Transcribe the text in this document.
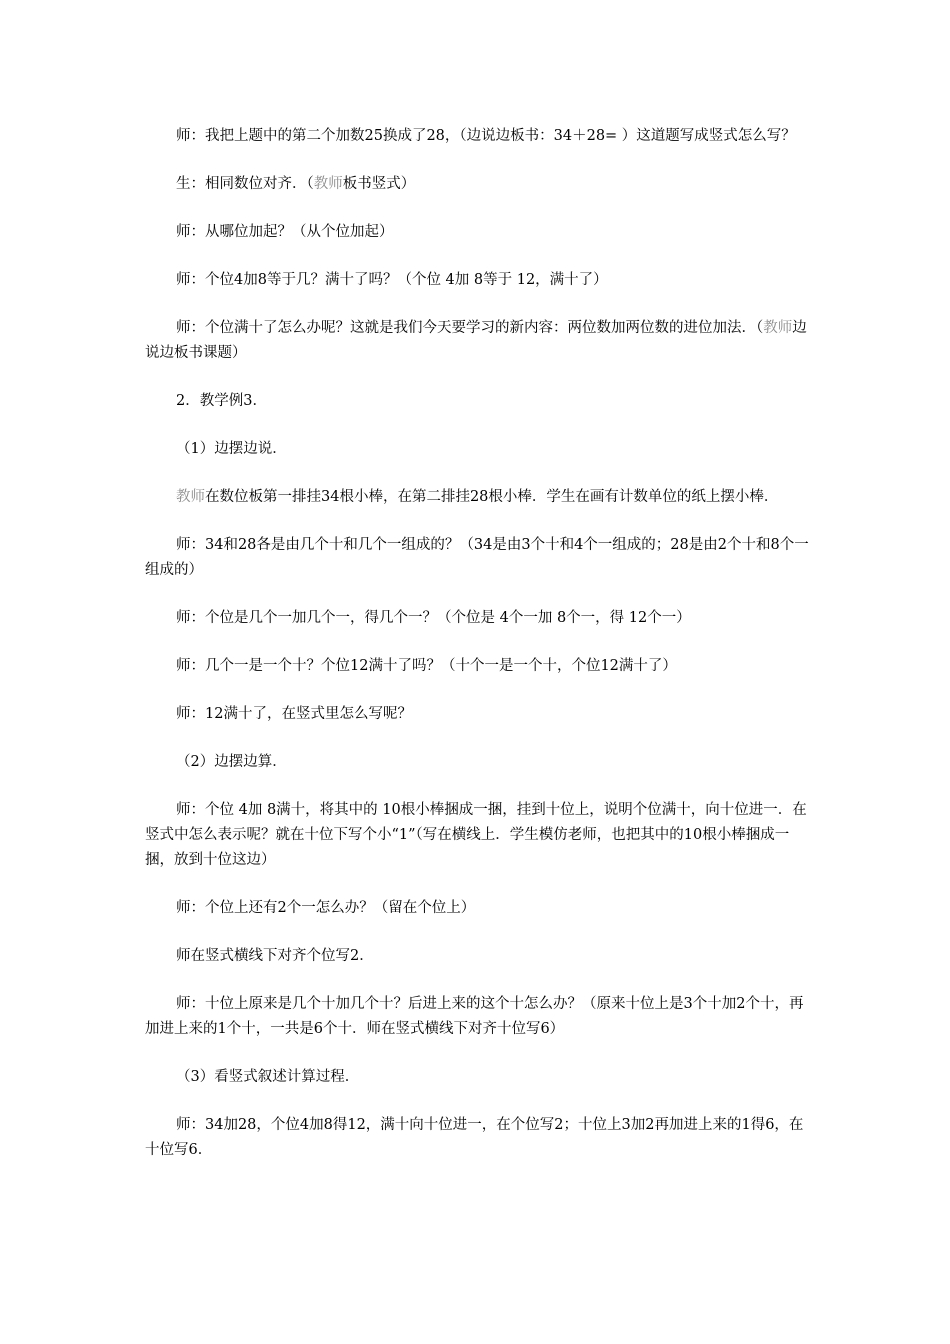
师：我把上题中的第二个加数25换成了28，（边说边板书：34＋28= ）这道题写成竖式怎么写？

生：相同数位对齐．（教师板书竖式）

师：从哪位加起？（从个位加起）

师：个位4加8等于几？满十了吗？（个位 4加 8等于 12，满十了）

师：个位满十了怎么办呢？这就是我们今天要学习的新内容：两位数加两位数的进位加法．（教师边说边板书课题）

2．教学例3．

（1）边摆边说．

教师在数位板第一排挂34根小棒，在第二排挂28根小棒．学生在画有计数单位的纸上摆小棒．

师：34和28各是由几个十和几个一组成的？（34是由3个十和4个一组成的；28是由2个十和8个一组成的）

师：个位是几个一加几个一，得几个一？（个位是 4个一加 8个一，得 12个一）

师：几个一是一个十？个位12满十了吗？（十个一是一个十，个位12满十了）

师：12满十了，在竖式里怎么写呢？

（2）边摆边算．

师：个位 4加 8满十，将其中的 10根小棒捆成一捆，挂到十位上，说明个位满十，向十位进一．在竖式中怎么表示呢？就在十位下写个小“1”（写在横线上．学生模仿老师，也把其中的10根小棒捆成一捆，放到十位这边）

师：个位上还有2个一怎么办？（留在个位上）

师在竖式横线下对齐个位写2．

师：十位上原来是几个十加几个十？后进上来的这个十怎么办？（原来十位上是3个十加2个十，再加进上来的1个十，一共是6个十．师在竖式横线下对齐十位写6）

（3）看竖式叙述计算过程．

师：34加28，个位4加8得12，满十向十位进一，在个位写2；十位上3加2再加进上来的1得6，在十位写6．
